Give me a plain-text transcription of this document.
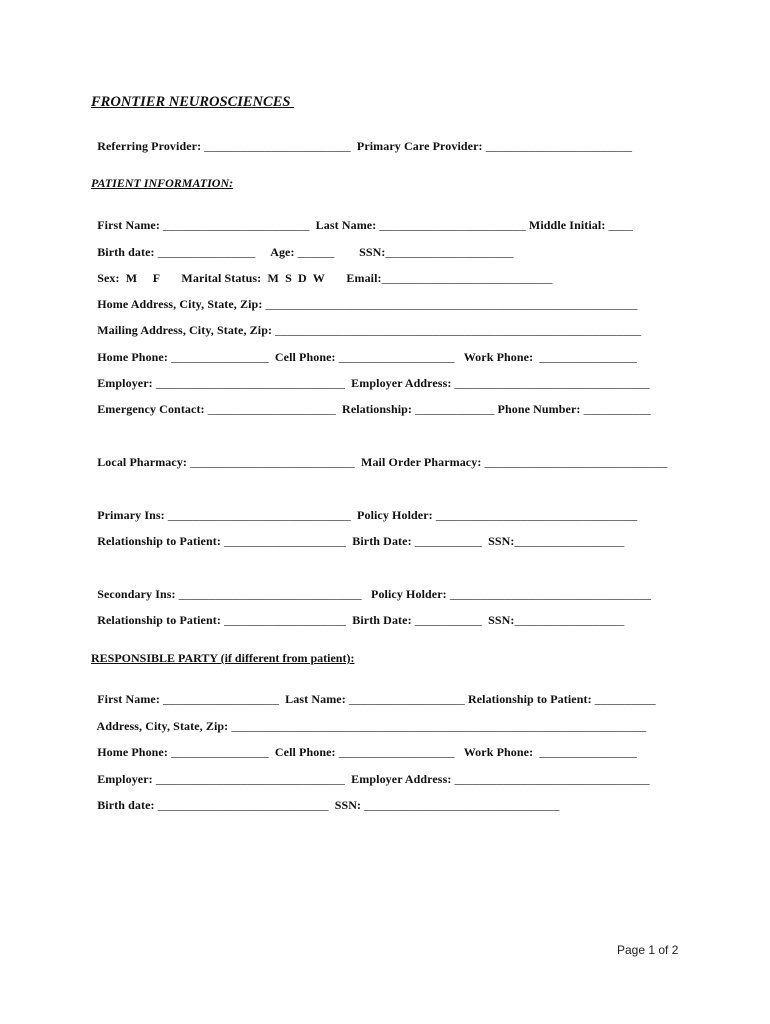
FRONTIER NEUROSCIENCES

Referring Provider: ________________________  Primary Care Provider: ________________________

PATIENT INFORMATION:

First Name: ________________________  Last Name: ________________________ Middle Initial: ____

Birth date: ________________     Age: ______        SSN:_____________________

Sex:  M     F       Marital Status:  M  S  D  W       Email:____________________________

Home Address, City, State, Zip: _____________________________________________________________

Mailing Address, City, State, Zip: ____________________________________________________________

Home Phone: ________________  Cell Phone: ___________________   Work Phone:  ________________

Employer: _______________________________  Employer Address: ________________________________

Emergency Contact: _____________________  Relationship: _____________ Phone Number: ___________

Local Pharmacy: ___________________________  Mail Order Pharmacy: ______________________________

Primary Ins: ______________________________  Policy Holder: _________________________________

Relationship to Patient: ____________________  Birth Date: ___________  SSN:__________________

Secondary Ins: ______________________________   Policy Holder: _________________________________

Relationship to Patient: ____________________  Birth Date: ___________  SSN:__________________

RESPONSIBLE PARTY (if different from patient):

First Name: ___________________  Last Name: ___________________ Relationship to Patient: __________

Address, City, State, Zip: ____________________________________________________________________

Home Phone: ________________  Cell Phone: ___________________   Work Phone:  ________________

Employer: _______________________________  Employer Address: ________________________________

Birth date: ____________________________  SSN: ________________________________

Page 1 of 2
